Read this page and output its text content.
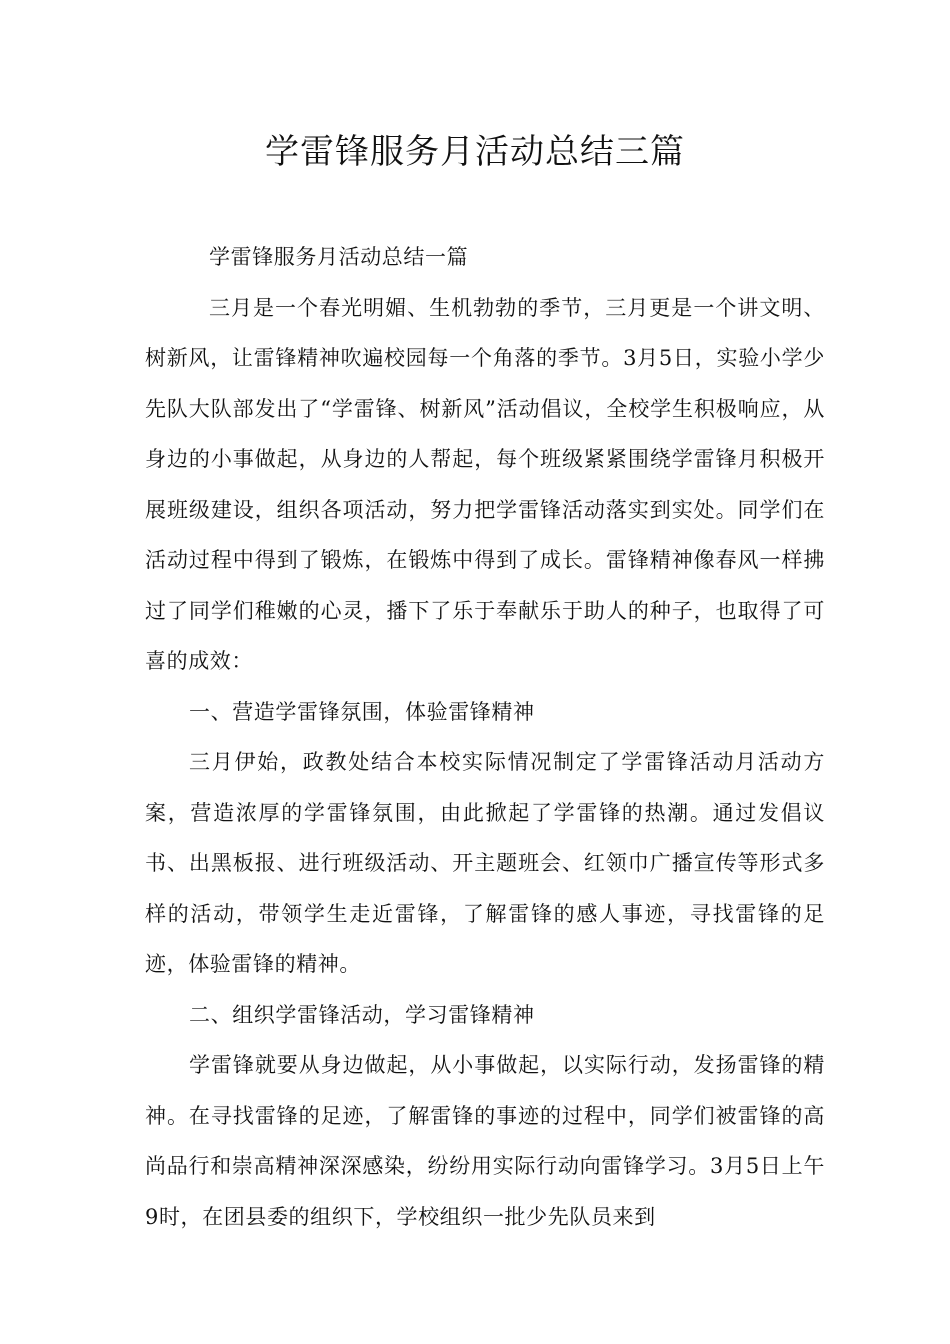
学雷锋服务月活动总结三篇

学雷锋服务月活动总结一篇

三月是一个春光明媚、生机勃勃的季节，三月更是一个讲文明、树新风，让雷锋精神吹遍校园每一个角落的季节。3月5日，实验小学少先队大队部发出了“学雷锋、树新风”活动倡议，全校学生积极响应，从身边的小事做起，从身边的人帮起，每个班级紧紧围绕学雷锋月积极开展班级建设，组织各项活动，努力把学雷锋活动落实到实处。同学们在活动过程中得到了锻炼，在锻炼中得到了成长。雷锋精神像春风一样拂过了同学们稚嫩的心灵，播下了乐于奉献乐于助人的种子，也取得了可喜的成效：

一、营造学雷锋氛围，体验雷锋精神

三月伊始，政教处结合本校实际情况制定了学雷锋活动月活动方案，营造浓厚的学雷锋氛围，由此掀起了学雷锋的热潮。通过发倡议书、出黑板报、进行班级活动、开主题班会、红领巾广播宣传等形式多样的活动，带领学生走近雷锋，了解雷锋的感人事迹，寻找雷锋的足迹，体验雷锋的精神。

二、组织学雷锋活动，学习雷锋精神

学雷锋就要从身边做起，从小事做起，以实际行动，发扬雷锋的精神。在寻找雷锋的足迹，了解雷锋的事迹的过程中，同学们被雷锋的高尚品行和崇高精神深深感染，纷纷用实际行动向雷锋学习。3月5日上午9时，在团县委的组织下，学校组织一批少先队员来到
